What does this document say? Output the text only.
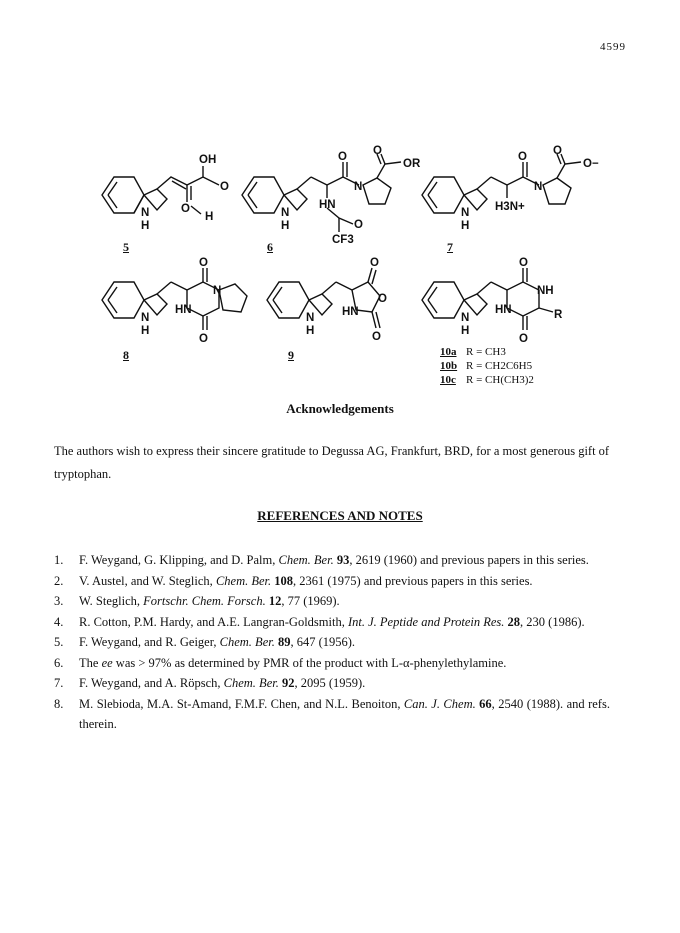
4599
OH
O
O
H
N
H
5
O O
OR
N
HN
O
CF3
N
H
6
O O
O−
N
H3N+
N
H
7
O
N
HN
O
N
H
8
O
O
HN
O
N
H
9
O
NH
HN	R
O
N
H
10a R = CH3
10b R = CH2C6H5
10c R = CH(CH3)2
Acknowledgements

The authors wish to express their sincere gratitude to Degussa AG, Frankfurt, BRD, for a most generous gift of tryptophan.

REFERENCES AND NOTES
1. F. Weygand, G. Klipping, and D. Palm, Chem. Ber. 93, 2619 (1960) and previous papers in this series.
2. V. Austel, and W. Steglich, Chem. Ber. 108, 2361 (1975) and previous papers in this series.
3. W. Steglich, Fortschr. Chem. Forsch. 12, 77 (1969).
4. R. Cotton, P.M. Hardy, and A.E. Langran-Goldsmith, Int. J. Peptide and Protein Res. 28, 230 (1986).
5. F. Weygand, and R. Geiger, Chem. Ber. 89, 647 (1956).
6. The ee was > 97% as determined by PMR of the product with L-α-phenylethylamine.
7. F. Weygand, and A. Röpsch, Chem. Ber. 92, 2095 (1959).
8. M. Slebioda, M.A. St-Amand, F.M.F. Chen, and N.L. Benoiton, Can. J. Chem. 66, 2540 (1988). and refs. therein.
